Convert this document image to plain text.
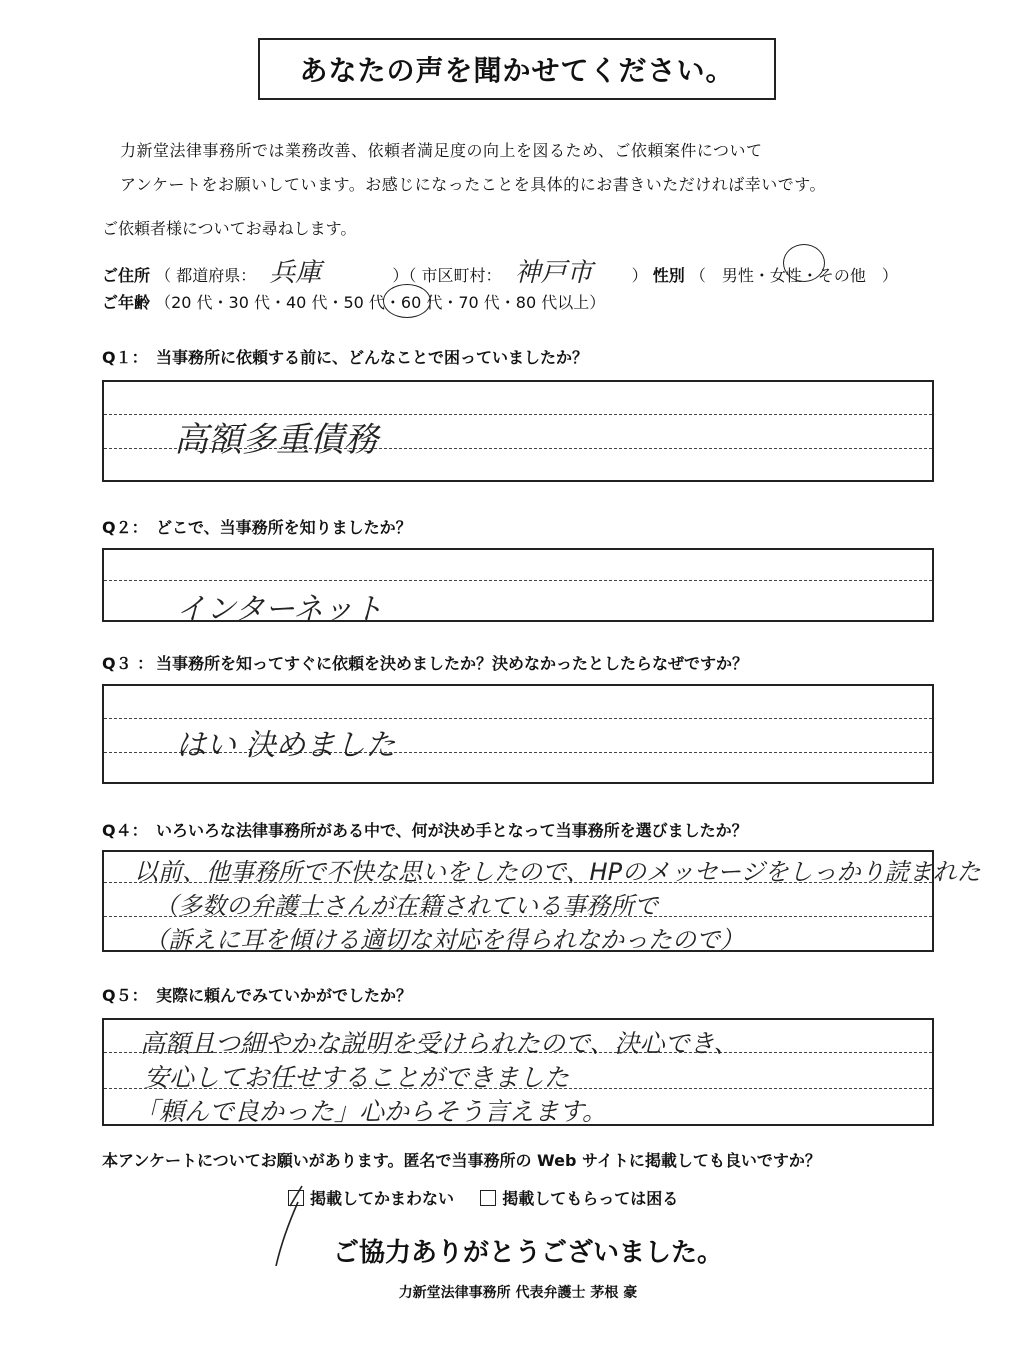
あなたの声を聞かせてください。
力新堂法律事務所では業務改善、依頼者満足度の向上を図るため、ご依頼案件について
アンケートをお願いしています。お感じになったことを具体的にお書きいただければ幸いです。
ご依頼者様についてお尋ねします。
ご住所 （ 都道府県： 兵庫	）（ 市区町村： 神戸市 ） 性別 （　男性・女性・その他　）
ご年齢 （20 代・30 代・40 代・50 代・60 代・70 代・80 代以上）
Q１： 当事務所に依頼する前に、どんなことで困っていましたか？
高額多重債務
Q２： どこで、当事務所を知りましたか？
インターネット
Q３ ： 当事務所を知ってすぐに依頼を決めましたか？決めなかったとしたらなぜですか？
はい 決めました
Q４： いろいろな法律事務所がある中で、何が決め手となって当事務所を選びましたか？
以前、他事務所で不快な思いをしたので、HPのメッセージをしっかり読まれた
（多数の弁護士さんが在籍されている事務所で
（訴えに耳を傾ける適切な対応を得られなかったので）
Q５： 実際に頼んでみていかがでしたか？
高額且つ細やかな説明を受けられたので、決心でき、
安心してお任せすることができました
「頼んで良かった」心からそう言えます。
本アンケートについてお願いがあります。匿名で当事務所の Web サイトに掲載しても良いですか？
掲載してかまわない	掲載してもらっては困る
ご協力ありがとうございました。
力新堂法律事務所 代表弁護士 茅根 豪
